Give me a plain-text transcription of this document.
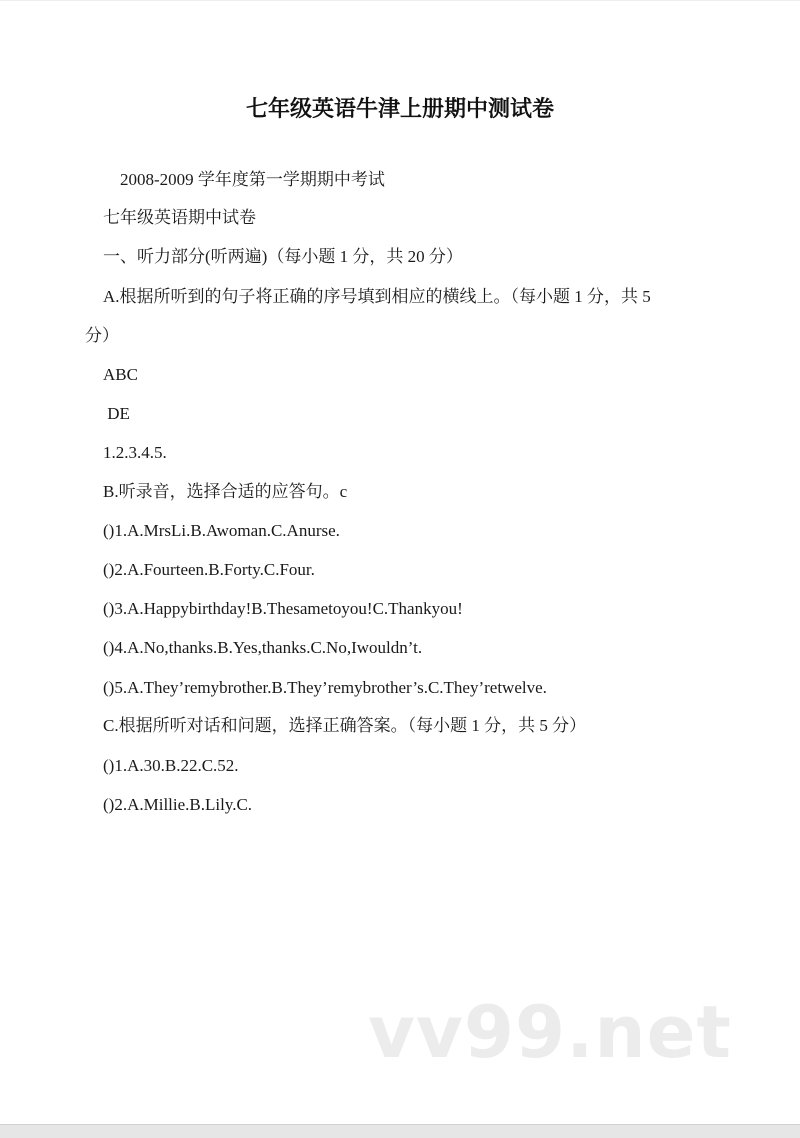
七年级英语牛津上册期中测试卷
2008-2009 学年度第一学期期中考试
七年级英语期中试卷
一、听力部分(听两遍)（每小题 1 分，共 20 分）
A.根据所听到的句子将正确的序号填到相应的横线上。（每小题 1 分，共 5
分）
ABC
DE
1.2.3.4.5.
B.听录音，选择合适的应答句。c
()1.A.MrsLi.B.Awoman.C.Anurse.
()2.A.Fourteen.B.Forty.C.Four.
()3.A.Happybirthday!B.Thesametoyou!C.Thankyou!
()4.A.No,thanks.B.Yes,thanks.C.No,Iwouldn’t.
()5.A.They’remybrother.B.They’remybrother’s.C.They’retwelve.
C.根据所听对话和问题，选择正确答案。（每小题 1 分，共 5 分）
()1.A.30.B.22.C.52.
()2.A.Millie.B.Lily.C.
vv99.net
